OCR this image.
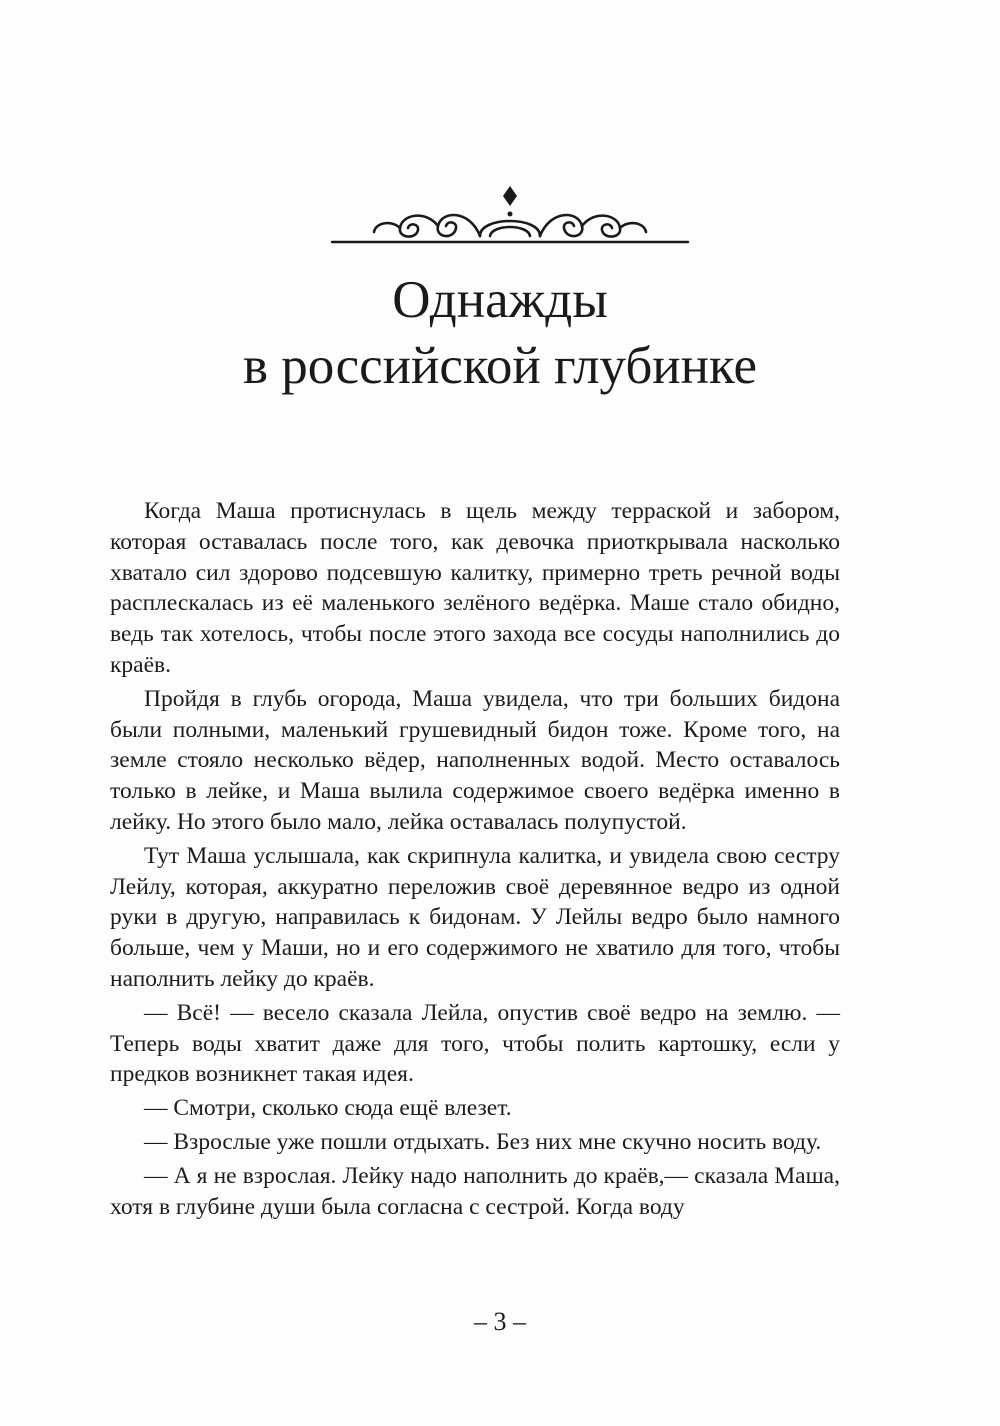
Однажды
в российской глубинке

Когда Маша протиснулась в щель между терраской и забором, которая оставалась после того, как девочка приоткрывала насколько хватало сил здорово подсевшую калитку, примерно треть речной воды расплескалась из её маленького зелёного ведёрка. Маше стало обидно, ведь так хотелось, чтобы после этого захода все сосуды наполнились до краёв.

Пройдя в глубь огорода, Маша увидела, что три больших бидона были полными, маленький грушевидный бидон тоже. Кроме того, на земле стояло несколько вёдер, наполненных водой. Место оставалось только в лейке, и Маша вылила содержимое своего ведёрка именно в лейку. Но этого было мало, лейка оставалась полупустой.

Тут Маша услышала, как скрипнула калитка, и увидела свою сестру Лейлу, которая, аккуратно переложив своё деревянное ведро из одной руки в другую, направилась к бидонам. У Лейлы ведро было намного больше, чем у Маши, но и его содержимого не хватило для того, чтобы наполнить лейку до краёв.

— Всё! — весело сказала Лейла, опустив своё ведро на землю. — Теперь воды хватит даже для того, чтобы полить картошку, если у предков возникнет такая идея.

— Смотри, сколько сюда ещё влезет.

— Взрослые уже пошли отдыхать. Без них мне скучно носить воду.

— А я не взрослая. Лейку надо наполнить до краёв,— сказала Маша, хотя в глубине души была согласна с сестрой. Когда воду

– 3 –
